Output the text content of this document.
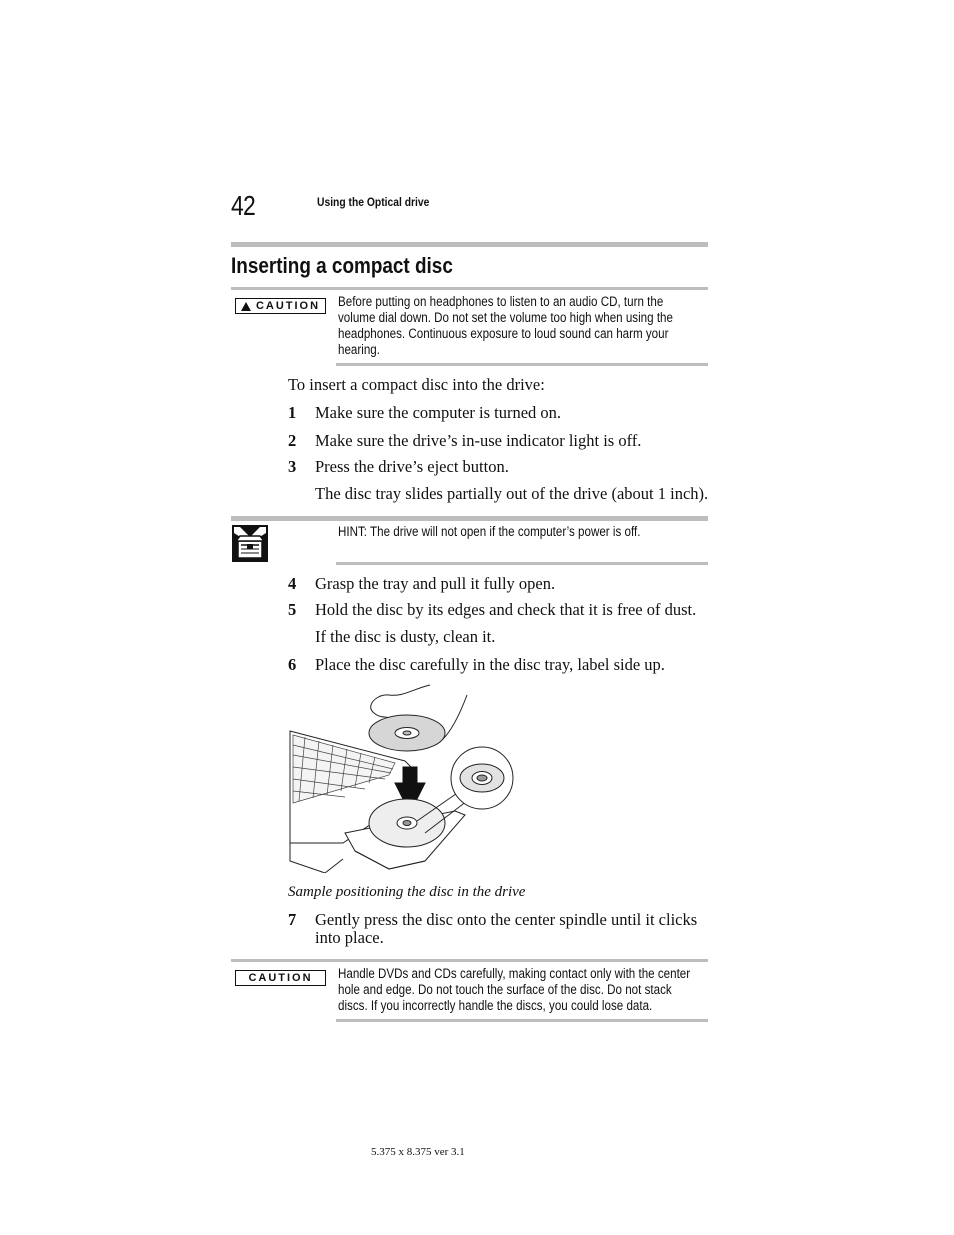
42	Using the Optical drive
Inserting a compact disc
CAUTION Before putting on headphones to listen to an audio CD, turn the
volume dial down. Do not set the volume too high when using the
headphones. Continuous exposure to loud sound can harm your
hearing.
To insert a compact disc into the drive:
1 Make sure the computer is turned on.
2 Make sure the drive’s in-use indicator light is off.
3 Press the drive’s eject button.
The disc tray slides partially out of the drive (about 1 inch).
HINT: The drive will not open if the computer’s power is off.
4 Grasp the tray and pull it fully open.
5 Hold the disc by its edges and check that it is free of dust.
If the disc is dusty, clean it.
6 Place the disc carefully in the disc tray, label side up.
Sample positioning the disc in the drive
7 Gently press the disc onto the center spindle until it clicks
into place.
CAUTION Handle DVDs and CDs carefully, making contact only with the center
hole and edge. Do not touch the surface of the disc. Do not stack
discs. If you incorrectly handle the discs, you could lose data.
5.375 x 8.375 ver 3.1
